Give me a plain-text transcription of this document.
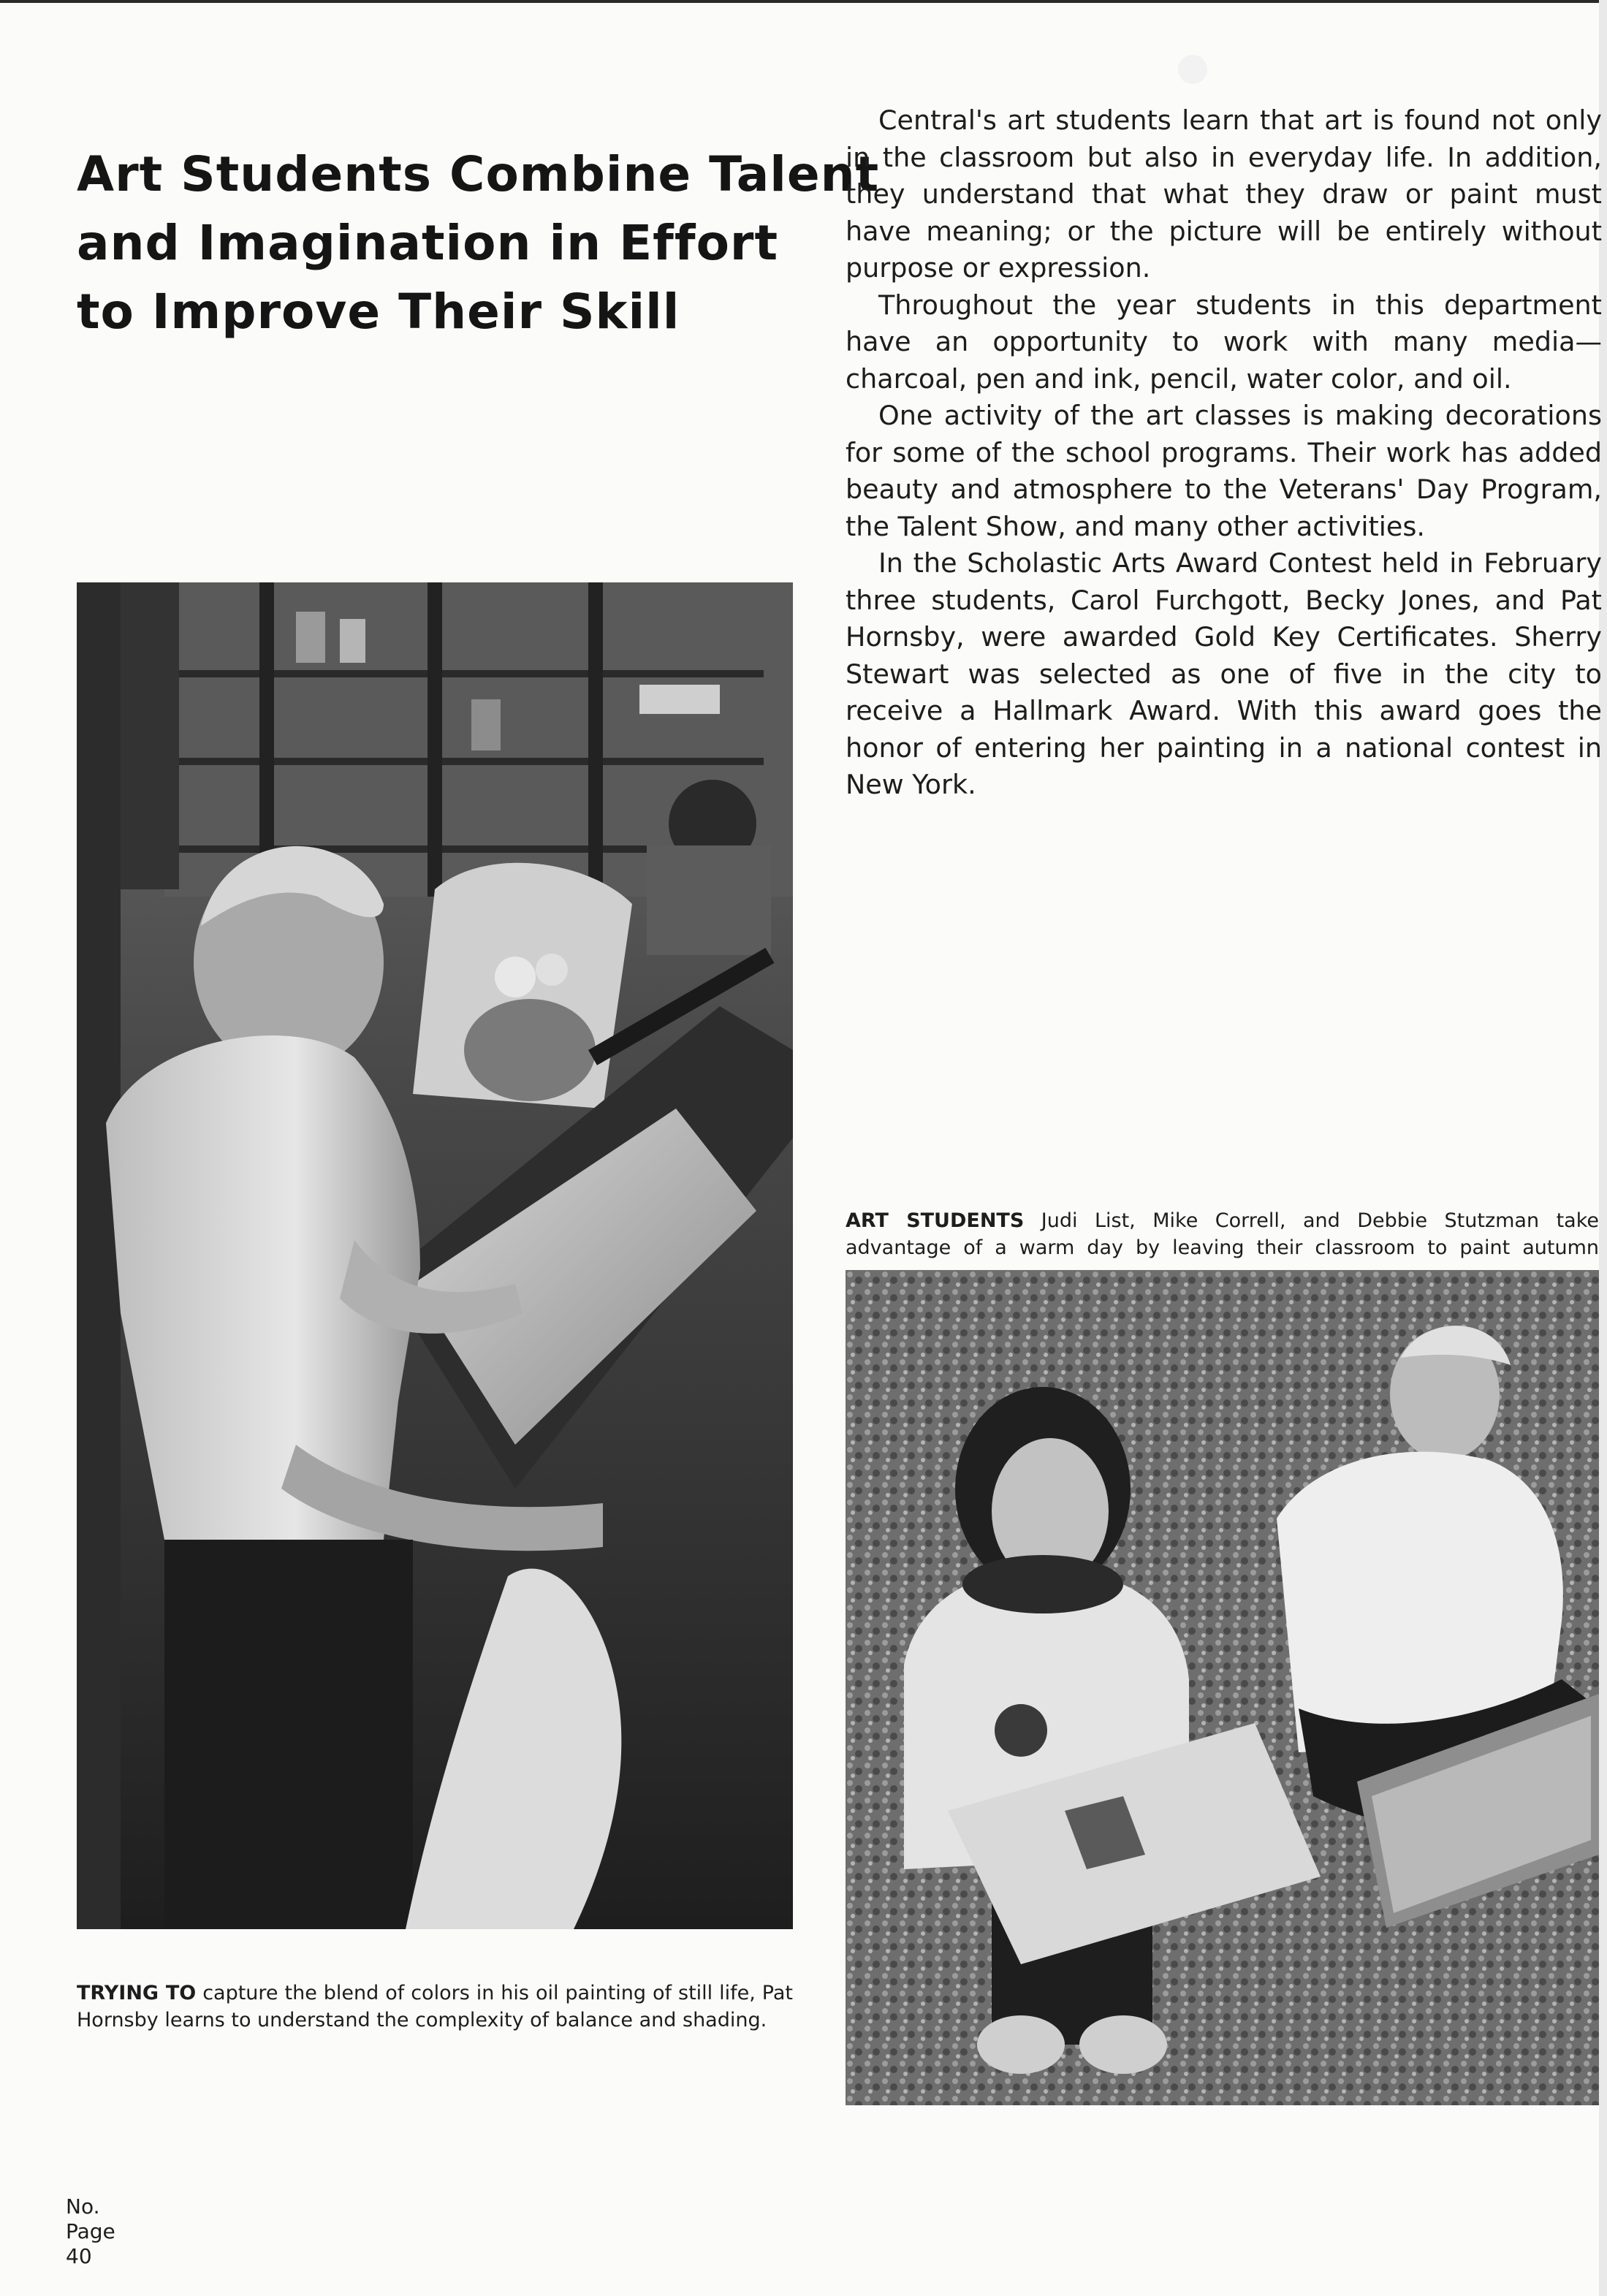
Art Students Combine Talent
and Imagination in Effort
to Improve Their Skill

Central's art students learn that art is found not only in the classroom but also in everyday life. In addition, they understand that what they draw or paint must have meaning; or the picture will be entirely without purpose or expression.

Throughout the year students in this department have an opportunity to work with many media—charcoal, pen and ink, pencil, water color, and oil.

One activity of the art classes is making decorations for some of the school programs. Their work has added beauty and atmosphere to the Veterans' Day Program, the Talent Show, and many other activities.

In the Scholastic Arts Award Contest held in February three students, Carol Furchgott, Becky Jones, and Pat Hornsby, were awarded Gold Key Certificates. Sherry Stewart was selected as one of five in the city to receive a Hallmark Award. With this award goes the honor of entering her painting in a national contest in New York.

TRYING TO capture the blend of colors in his oil painting of still life, Pat Hornsby learns to understand the complexity of balance and shading.

ART STUDENTS Judi List, Mike Correll, and Debbie Stutzman take advantage of a warm day by leaving their classroom to paint autumn

No.
Page
40
